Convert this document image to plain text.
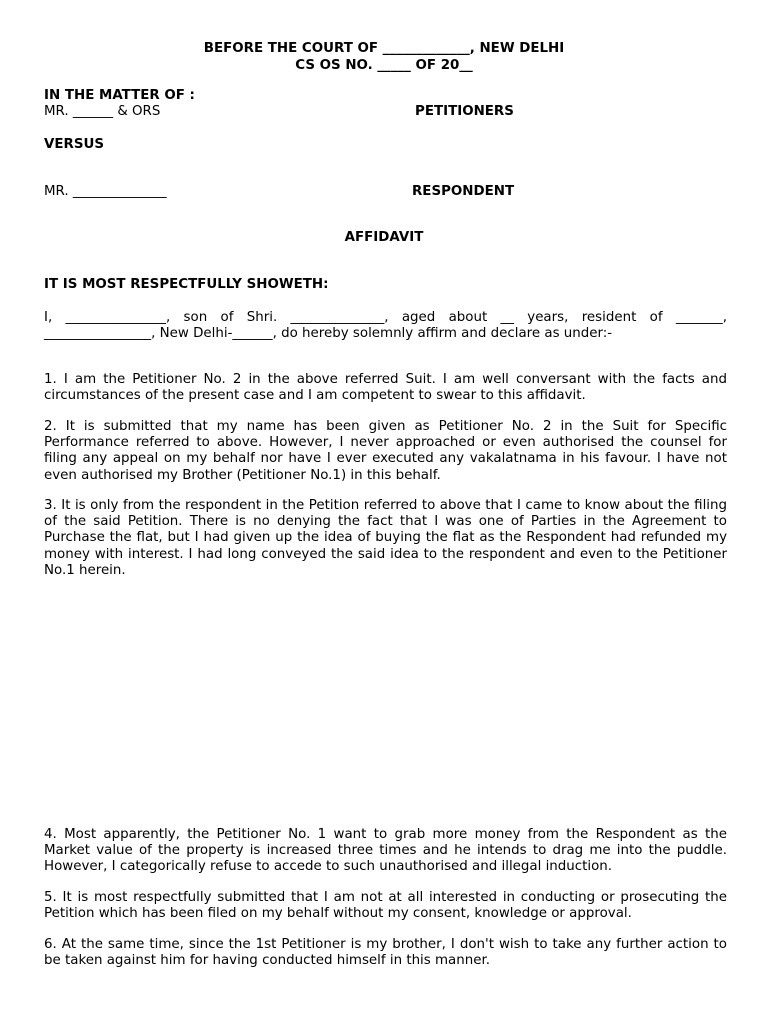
BEFORE THE COURT OF _____________, NEW DELHI

CS OS NO. _____ OF 20__

IN THE MATTER OF :

MR. ______ & ORS	PETITIONERS

VERSUS

MR. ______________	RESPONDENT

AFFIDAVIT

IT IS MOST RESPECTFULLY SHOWETH:

I, _______________, son of Shri. ______________, aged about __ years, resident of _______, ________________, New Delhi-______, do hereby solemnly affirm and declare as under:-

1. I am the Petitioner No. 2 in the above referred Suit. I am well conversant with the facts and circumstances of the present case and I am competent to swear to this affidavit.

2. It is submitted that my name has been given as Petitioner No. 2 in the Suit for Specific Performance referred to above. However, I never approached or even authorised the counsel for filing any appeal on my behalf nor have I ever executed any vakalatnama in his favour. I have not even authorised my Brother (Petitioner No.1) in this behalf.

3. It is only from the respondent in the Petition referred to above that I came to know about the filing of the said Petition. There is no denying the fact that I was one of Parties in the Agreement to Purchase the flat, but I had given up the idea of buying the flat as the Respondent had refunded my money with interest. I had long conveyed the said idea to the respondent and even to the Petitioner No.1 herein.

4. Most apparently, the Petitioner No. 1 want to grab more money from the Respondent as the Market value of the property is increased three times and he intends to drag me into the puddle. However, I categorically refuse to accede to such unauthorised and illegal induction.

5. It is most respectfully submitted that I am not at all interested in conducting or prosecuting the Petition which has been filed on my behalf without my consent, knowledge or approval.

6. At the same time, since the 1st Petitioner is my brother, I don't wish to take any further action to be taken against him for having conducted himself in this manner.
